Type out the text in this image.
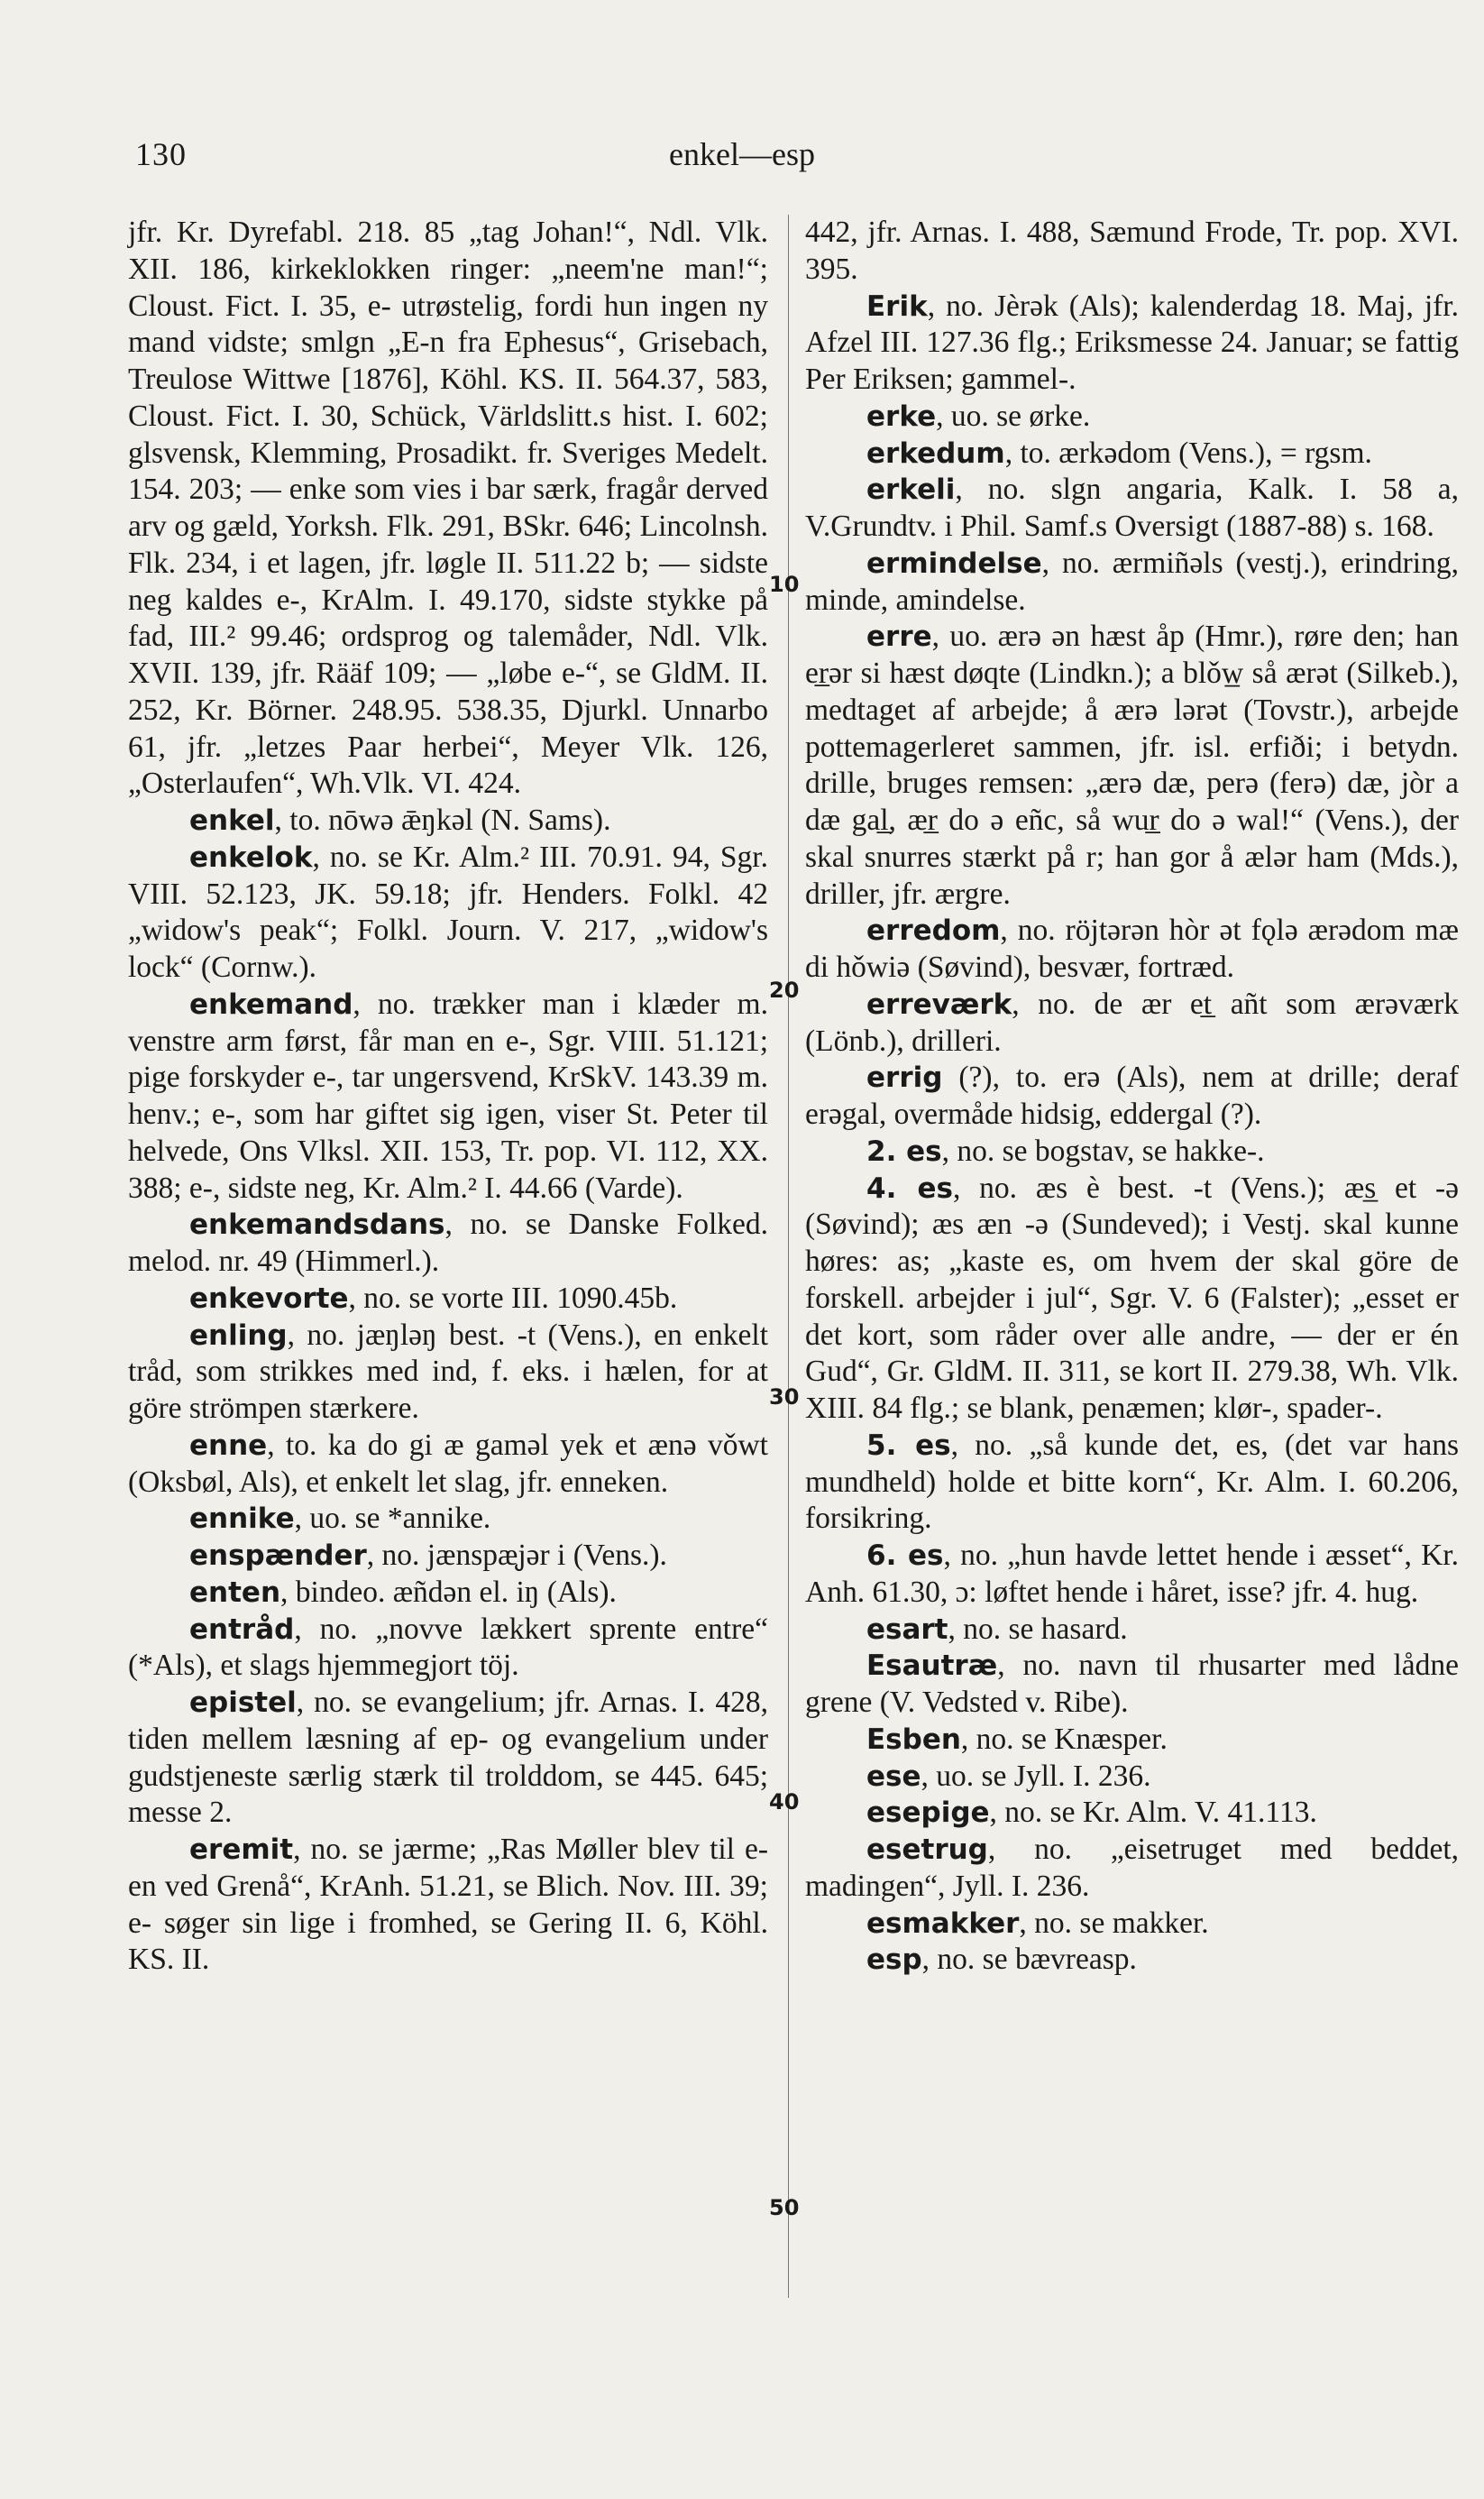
130	enkel—esp
10
20
30
40
50

jfr. Kr. Dyrefabl. 218. 85 „tag Johan!“, Ndl. Vlk. XII. 186, kirkeklokken ringer: „neem'ne man!“; Cloust. Fict. I. 35, e- utrøstelig, fordi hun ingen ny mand vidste; smlgn „E-n fra Ephesus“, Grisebach, Treulose Wittwe [1876], Köhl. KS. II. 564.37, 583, Cloust. Fict. I. 30, Schück, Världslitt.s hist. I. 602; glsvensk, Klemming, Prosadikt. fr. Sveriges Medelt. 154. 203; — enke som vies i bar særk, fragår derved arv og gæld, Yorksh. Flk. 291, BSkr. 646; Lincolnsh. Flk. 234, i et lagen, jfr. løgle II. 511.22 b; — sidste neg kaldes e-, KrAlm. I. 49.170, sidste stykke på fad, III.² 99.46; ordsprog og talemåder, Ndl. Vlk. XVII. 139, jfr. Rääf 109; — „løbe e-“, se GldM. II. 252, Kr. Börner. 248.95. 538.35, Djurkl. Unnarbo 61, jfr. „letzes Paar herbei“, Meyer Vlk. 126, „Osterlaufen“, Wh.Vlk. VI. 424.

enkel, to. nōwə ǣŋkəl (N. Sams).

enkelok, no. se Kr. Alm.² III. 70.91. 94, Sgr. VIII. 52.123, JK. 59.18; jfr. Henders. Folkl. 42 „widow's peak“; Folkl. Journ. V. 217, „widow's lock“ (Cornw.).

enkemand, no. trækker man i klæder m. venstre arm først, får man en e-, Sgr. VIII. 51.121; pige forskyder e-, tar ungersvend, KrSkV. 143.39 m. henv.; e-, som har giftet sig igen, viser St. Peter til helvede, Ons Vlksl. XII. 153, Tr. pop. VI. 112, XX. 388; e-, sidste neg, Kr. Alm.² I. 44.66 (Varde).

enkemandsdans, no. se Danske Folked. melod. nr. 49 (Himmerl.).

enkevorte, no. se vorte III. 1090.45b.

enling, no. jæŋlǝŋ best. -t (Vens.), en enkelt tråd, som strikkes med ind, f. eks. i hælen, for at göre strömpen stærkere.

enne, to. ka do gi æ gaməl yek et ænə vǒwt (Oksbøl, Als), et enkelt let slag, jfr. enneken.

ennike, uo. se *annike.

enspænder, no. jænspæ̨jər i (Vens.).

enten, bindeo. æñdən el. iŋ (Als).

entråd, no. „novve lækkert sprente entre“ (*Als), et slags hjemmegjort töj.

epistel, no. se evangelium; jfr. Arnas. I. 428, tiden mellem læsning af ep- og evangelium under gudstjeneste særlig stærk til trolddom, se 445. 645; messe 2.

eremit, no. se jærme; „Ras Møller blev til e-en ved Grenå“, KrAnh. 51.21, se Blich. Nov. III. 39; e- søger sin lige i fromhed, se Gering II. 6, Köhl. KS. II.

442, jfr. Arnas. I. 488, Sæmund Frode, Tr. pop. XVI. 395.

Erik, no. Jèrək (Als); kalenderdag 18. Maj, jfr. Afzel III. 127.36 flg.; Eriksmesse 24. Januar; se fattig Per Eriksen; gammel-.

erke, uo. se ørke.

erkedum, to. ærkədom (Vens.), = rgsm.

erkeli, no. slgn angaria, Kalk. I. 58 a, V.Grundtv. i Phil. Samf.s Oversigt (1887-88) s. 168.

ermindelse, no. ærmiñəls (vestj.), erindring, minde, amindelse.

erre, uo. ærə ən hæst åp (Hmr.), røre den; han er̲ər si hæst døqte (Lindkn.); a blǒw̲ så ærət (Silkeb.), medtaget af arbejde; å ærə lərət (Tovstr.), arbejde pottemagerleret sammen, jfr. isl. erfiði; i betydn. drille, bruges remsen: „ærə dæ, perə (ferə) dæ, jòr a dæ gal̲, ær̲ do ə eñc, så wur̲ do ə wal!“ (Vens.), der skal snurres stærkt på r; han gor å ælər ham (Mds.), driller, jfr. ærgre.

erredom, no. röjtərən hòr ət fǫlə ærədom mæ di hǒwiə (Søvind), besvær, fortræd.

erreværk, no. de ær et̲ añt som ærəværk (Lönb.), drilleri.

errig (?), to. erə (Als), nem at drille; deraf erəgal, overmåde hidsig, eddergal (?).

2. es, no. se bogstav, se hakke-.

4. es, no. æs è best. -t (Vens.); æs̲ et -ə (Søvind); æs æn -ə (Sundeved); i Vestj. skal kunne høres: as; „kaste es, om hvem der skal göre de forskell. arbejder i jul“, Sgr. V. 6 (Falster); „esset er det kort, som råder over alle andre, — der er én Gud“, Gr. GldM. II. 311, se kort II. 279.38, Wh. Vlk. XIII. 84 flg.; se blank, penæmen; klør-, spader-.

5. es, no. „så kunde det, es, (det var hans mundheld) holde et bitte korn“, Kr. Alm. I. 60.206, forsikring.

6. es, no. „hun havde lettet hende i æsset“, Kr. Anh. 61.30, ɔ: løftet hende i håret, isse? jfr. 4. hug.

esart, no. se hasard.

Esautræ, no. navn til rhusarter med lådne grene (V. Vedsted v. Ribe).

Esben, no. se Knæsper.

ese, uo. se Jyll. I. 236.

esepige, no. se Kr. Alm. V. 41.113.

esetrug, no. „eisetruget med beddet, madingen“, Jyll. I. 236.

esmakker, no. se makker.

esp, no. se bævreasp.
